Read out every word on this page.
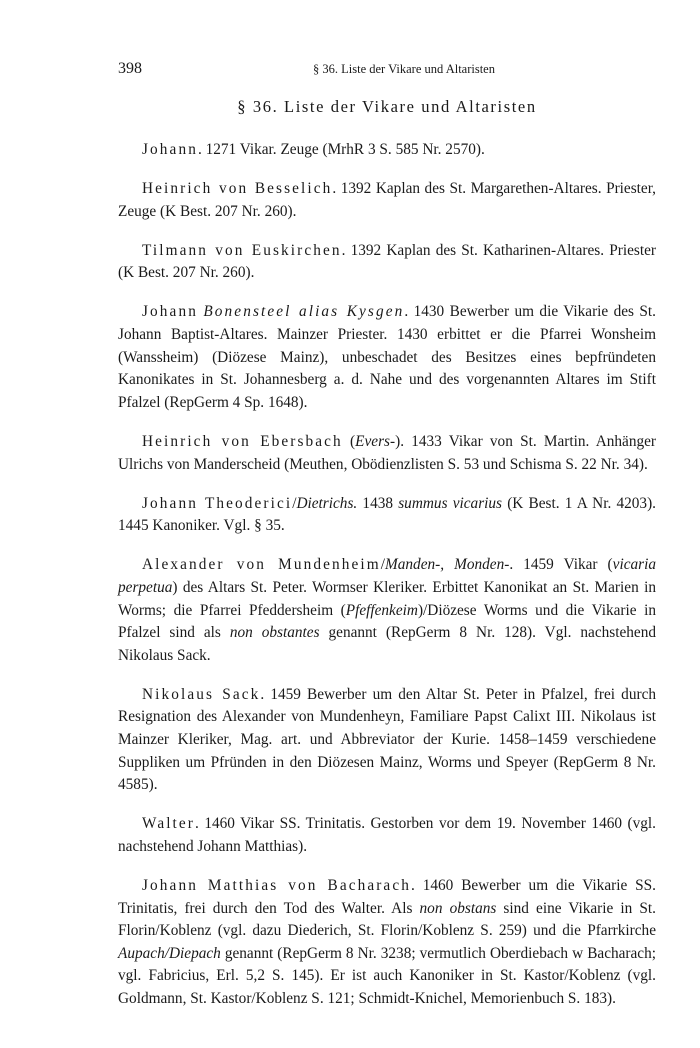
398	§ 36. Liste der Vikare und Altaristen
§ 36. Liste der Vikare und Altaristen

Johann. 1271 Vikar. Zeuge (MrhR 3 S. 585 Nr. 2570).

Heinrich von Besselich. 1392 Kaplan des St. Margarethen-Altares. Priester, Zeuge (K Best. 207 Nr. 260).

Tilmann von Euskirchen. 1392 Kaplan des St. Katharinen-Altares. Priester (K Best. 207 Nr. 260).

Johann Bonensteel alias Kysgen. 1430 Bewerber um die Vikarie des St. Johann Baptist-Altares. Mainzer Priester. 1430 erbittet er die Pfarrei Wonsheim (Wanssheim) (Diözese Mainz), unbeschadet des Besitzes eines bepfründeten Kanonikates in St. Johannesberg a. d. Nahe und des vorgenannten Altares im Stift Pfalzel (RepGerm 4 Sp. 1648).

Heinrich von Ebersbach (Evers-). 1433 Vikar von St. Martin. Anhänger Ulrichs von Manderscheid (Meuthen, Obödienzlisten S. 53 und Schisma S. 22 Nr. 34).

Johann Theoderici/Dietrichs. 1438 summus vicarius (K Best. 1 A Nr. 4203). 1445 Kanoniker. Vgl. § 35.

Alexander von Mundenheim/Manden-, Monden-. 1459 Vikar (vicaria perpetua) des Altars St. Peter. Wormser Kleriker. Erbittet Kanonikat an St. Marien in Worms; die Pfarrei Pfeddersheim (Pfeffenkeim)/Diözese Worms und die Vikarie in Pfalzel sind als non obstantes genannt (RepGerm 8 Nr. 128). Vgl. nachstehend Nikolaus Sack.

Nikolaus Sack. 1459 Bewerber um den Altar St. Peter in Pfalzel, frei durch Resignation des Alexander von Mundenheyn, Familiare Papst Calixt III. Nikolaus ist Mainzer Kleriker, Mag. art. und Abbreviator der Kurie. 1458–1459 verschiedene Suppliken um Pfründen in den Diözesen Mainz, Worms und Speyer (RepGerm 8 Nr. 4585).

Walter. 1460 Vikar SS. Trinitatis. Gestorben vor dem 19. November 1460 (vgl. nachstehend Johann Matthias).

Johann Matthias von Bacharach. 1460 Bewerber um die Vikarie SS. Trinitatis, frei durch den Tod des Walter. Als non obstans sind eine Vikarie in St. Florin/Koblenz (vgl. dazu Diederich, St. Florin/Koblenz S. 259) und die Pfarrkirche Aupach/Diepach genannt (RepGerm 8 Nr. 3238; vermutlich Oberdiebach w Bacharach; vgl. Fabricius, Erl. 5,2 S. 145). Er ist auch Kanoniker in St. Kastor/Koblenz (vgl. Goldmann, St. Kastor/Koblenz S. 121; Schmidt-Knichel, Memorienbuch S. 183).
